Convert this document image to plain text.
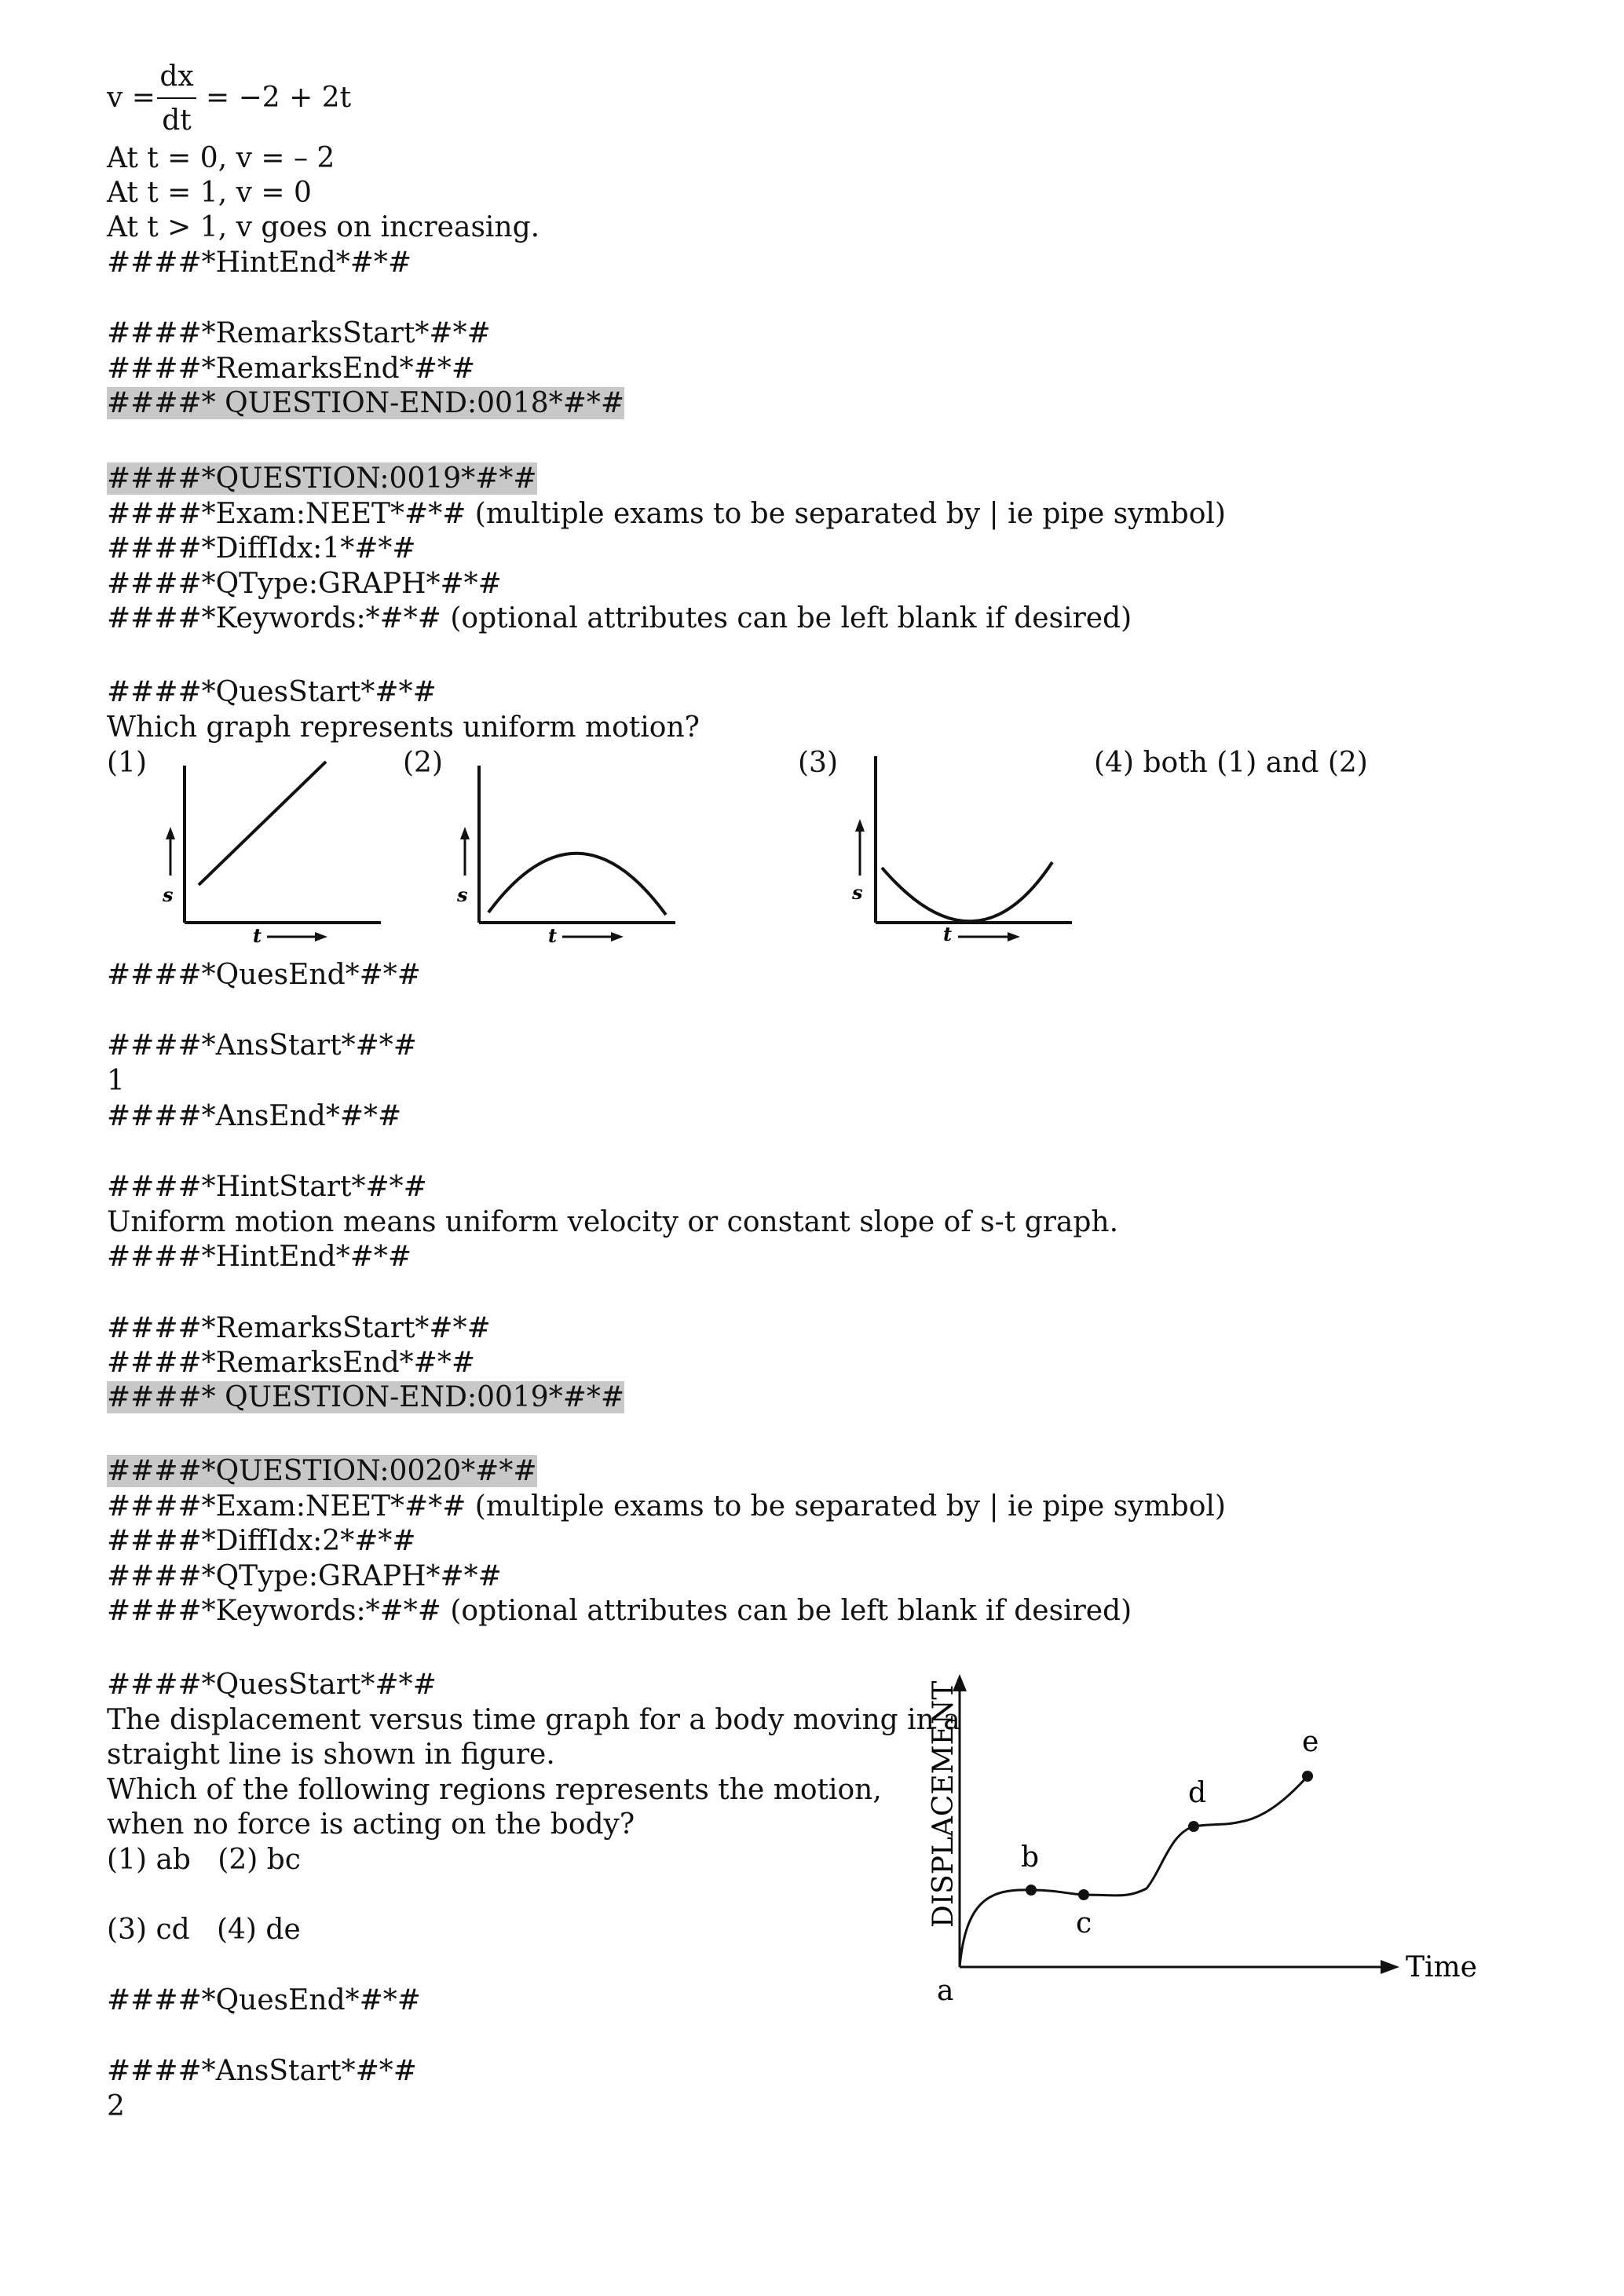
v =
dx
dt
= −2 + 2t
At t = 0, v = – 2
At t = 1, v = 0
At t > 1, v goes on increasing.
####*HintEnd*#*#
####*RemarksStart*#*#
####*RemarksEnd*#*#
####* QUESTION-END:0018*#*#
####*QUESTION:0019*#*#
####*Exam:NEET*#*# (multiple exams to be separated by | ie pipe symbol)
####*DiffIdx:1*#*#
####*QType:GRAPH*#*#
####*Keywords:*#*# (optional attributes can be left blank if desired)
####*QuesStart*#*#
Which graph represents uniform motion?
(1)	(2)	(3)	(4) both (1) and (2)
s
t
s
t
s
t
####*QuesEnd*#*#
####*AnsStart*#*#
1
####*AnsEnd*#*#
####*HintStart*#*#
Uniform motion means uniform velocity or constant slope of s-t graph.
####*HintEnd*#*#
####*RemarksStart*#*#
####*RemarksEnd*#*#
####* QUESTION-END:0019*#*#
####*QUESTION:0020*#*#
####*Exam:NEET*#*# (multiple exams to be separated by | ie pipe symbol)
####*DiffIdx:2*#*#
####*QType:GRAPH*#*#
####*Keywords:*#*# (optional attributes can be left blank if desired)
####*QuesStart*#*#
The displacement versus time graph for a body moving in a
straight line is shown in figure.
Which of the following regions represents the motion,
when no force is acting on the body?
(1) ab   (2) bc
(3) cd   (4) de
####*QuesEnd*#*#
####*AnsStart*#*#
2
DISPLACEMENT
Time
a
b
c
d
e
